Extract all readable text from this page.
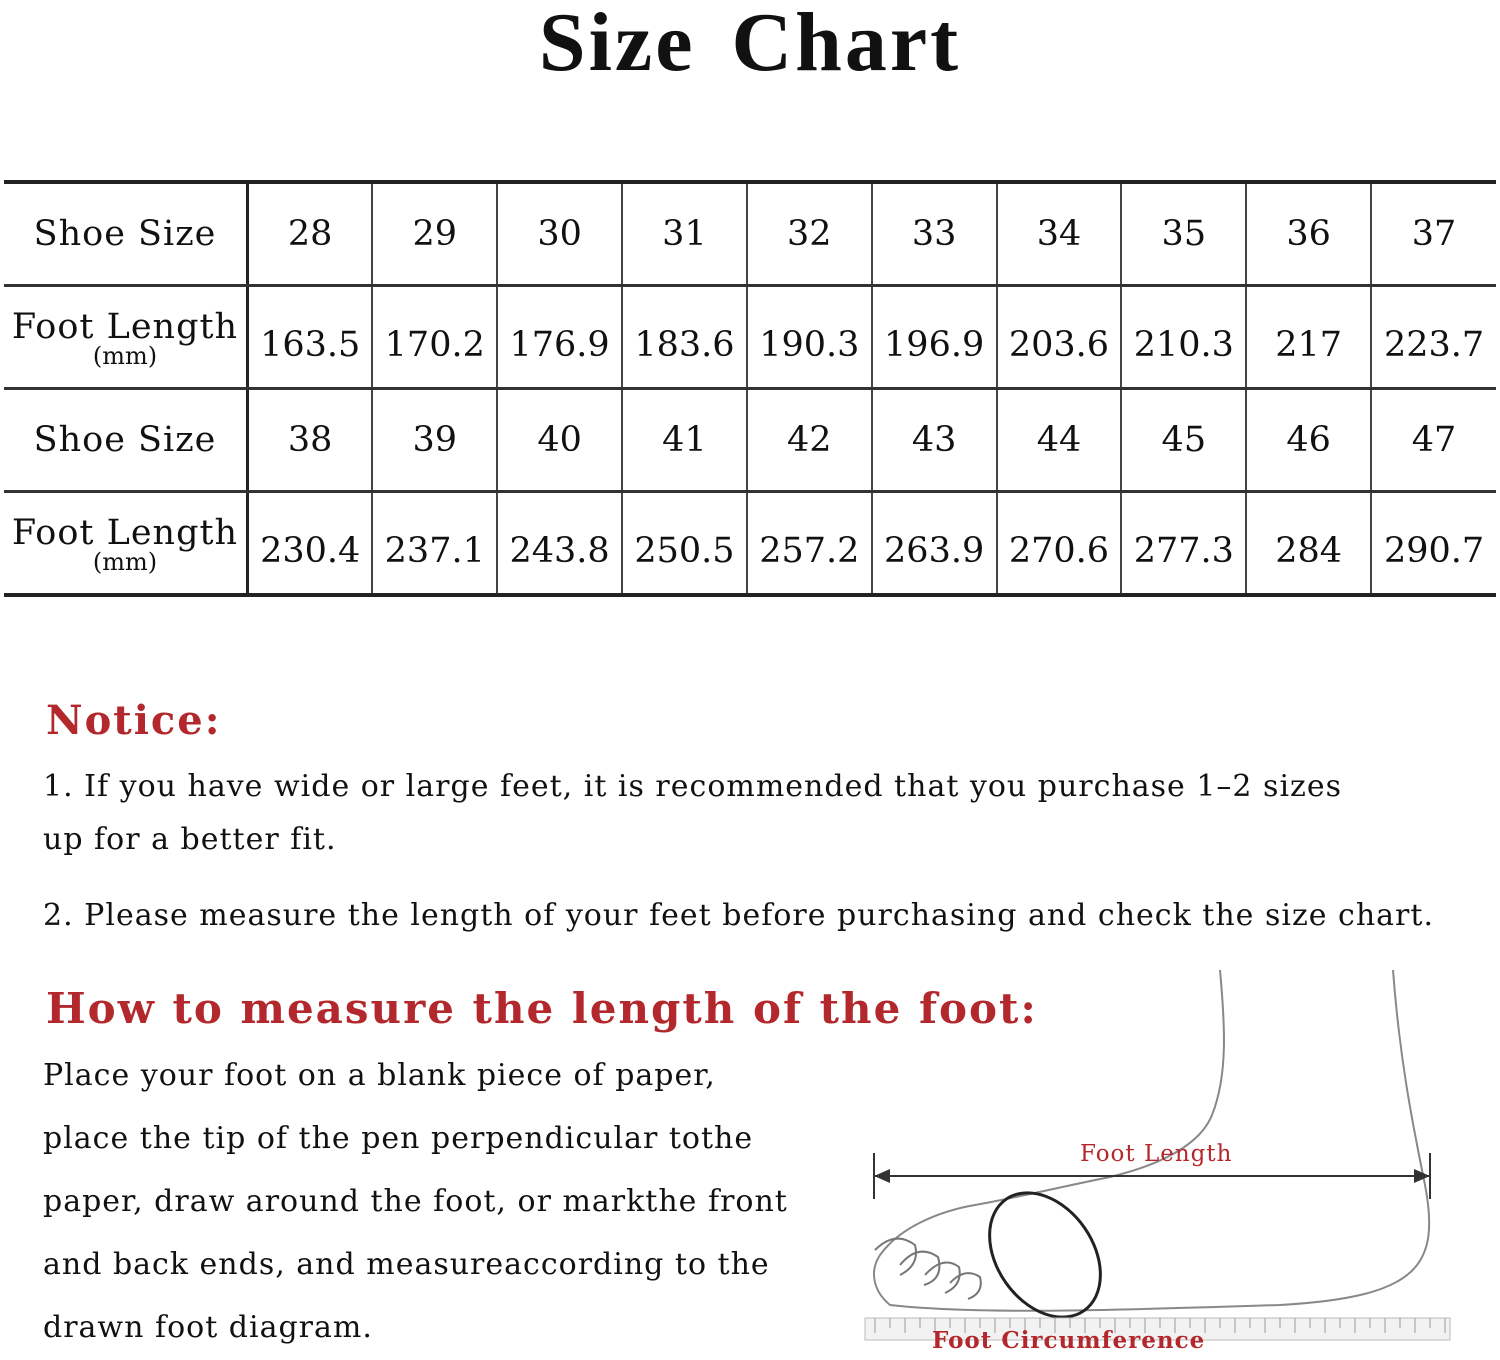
Size Chart
Shoe Size	28	29	30	31	32	33	34	35	36	37

Foot Length
(mm)	163.5	170.2	176.9	183.6	190.3	196.9	203.6	210.3	217	223.7

Shoe Size	38	39	40	41	42	43	44	45	46	47

Foot Length
(mm)	230.4	237.1	243.8	250.5	257.2	263.9	270.6	277.3	284	290.7
Notice:

1. If you have wide or large feet, it is recommended that you purchase 1–2 sizes
up for a better fit.

2. Please measure the length of your feet before purchasing and check the size chart.

How to measure the length of the foot:

Place your foot on a blank piece of paper,

place the tip of the pen perpendicular tothe

paper, draw around the foot, or markthe front

and back ends, and measureaccording to the

drawn foot diagram.

Foot Length
Foot Circumference
